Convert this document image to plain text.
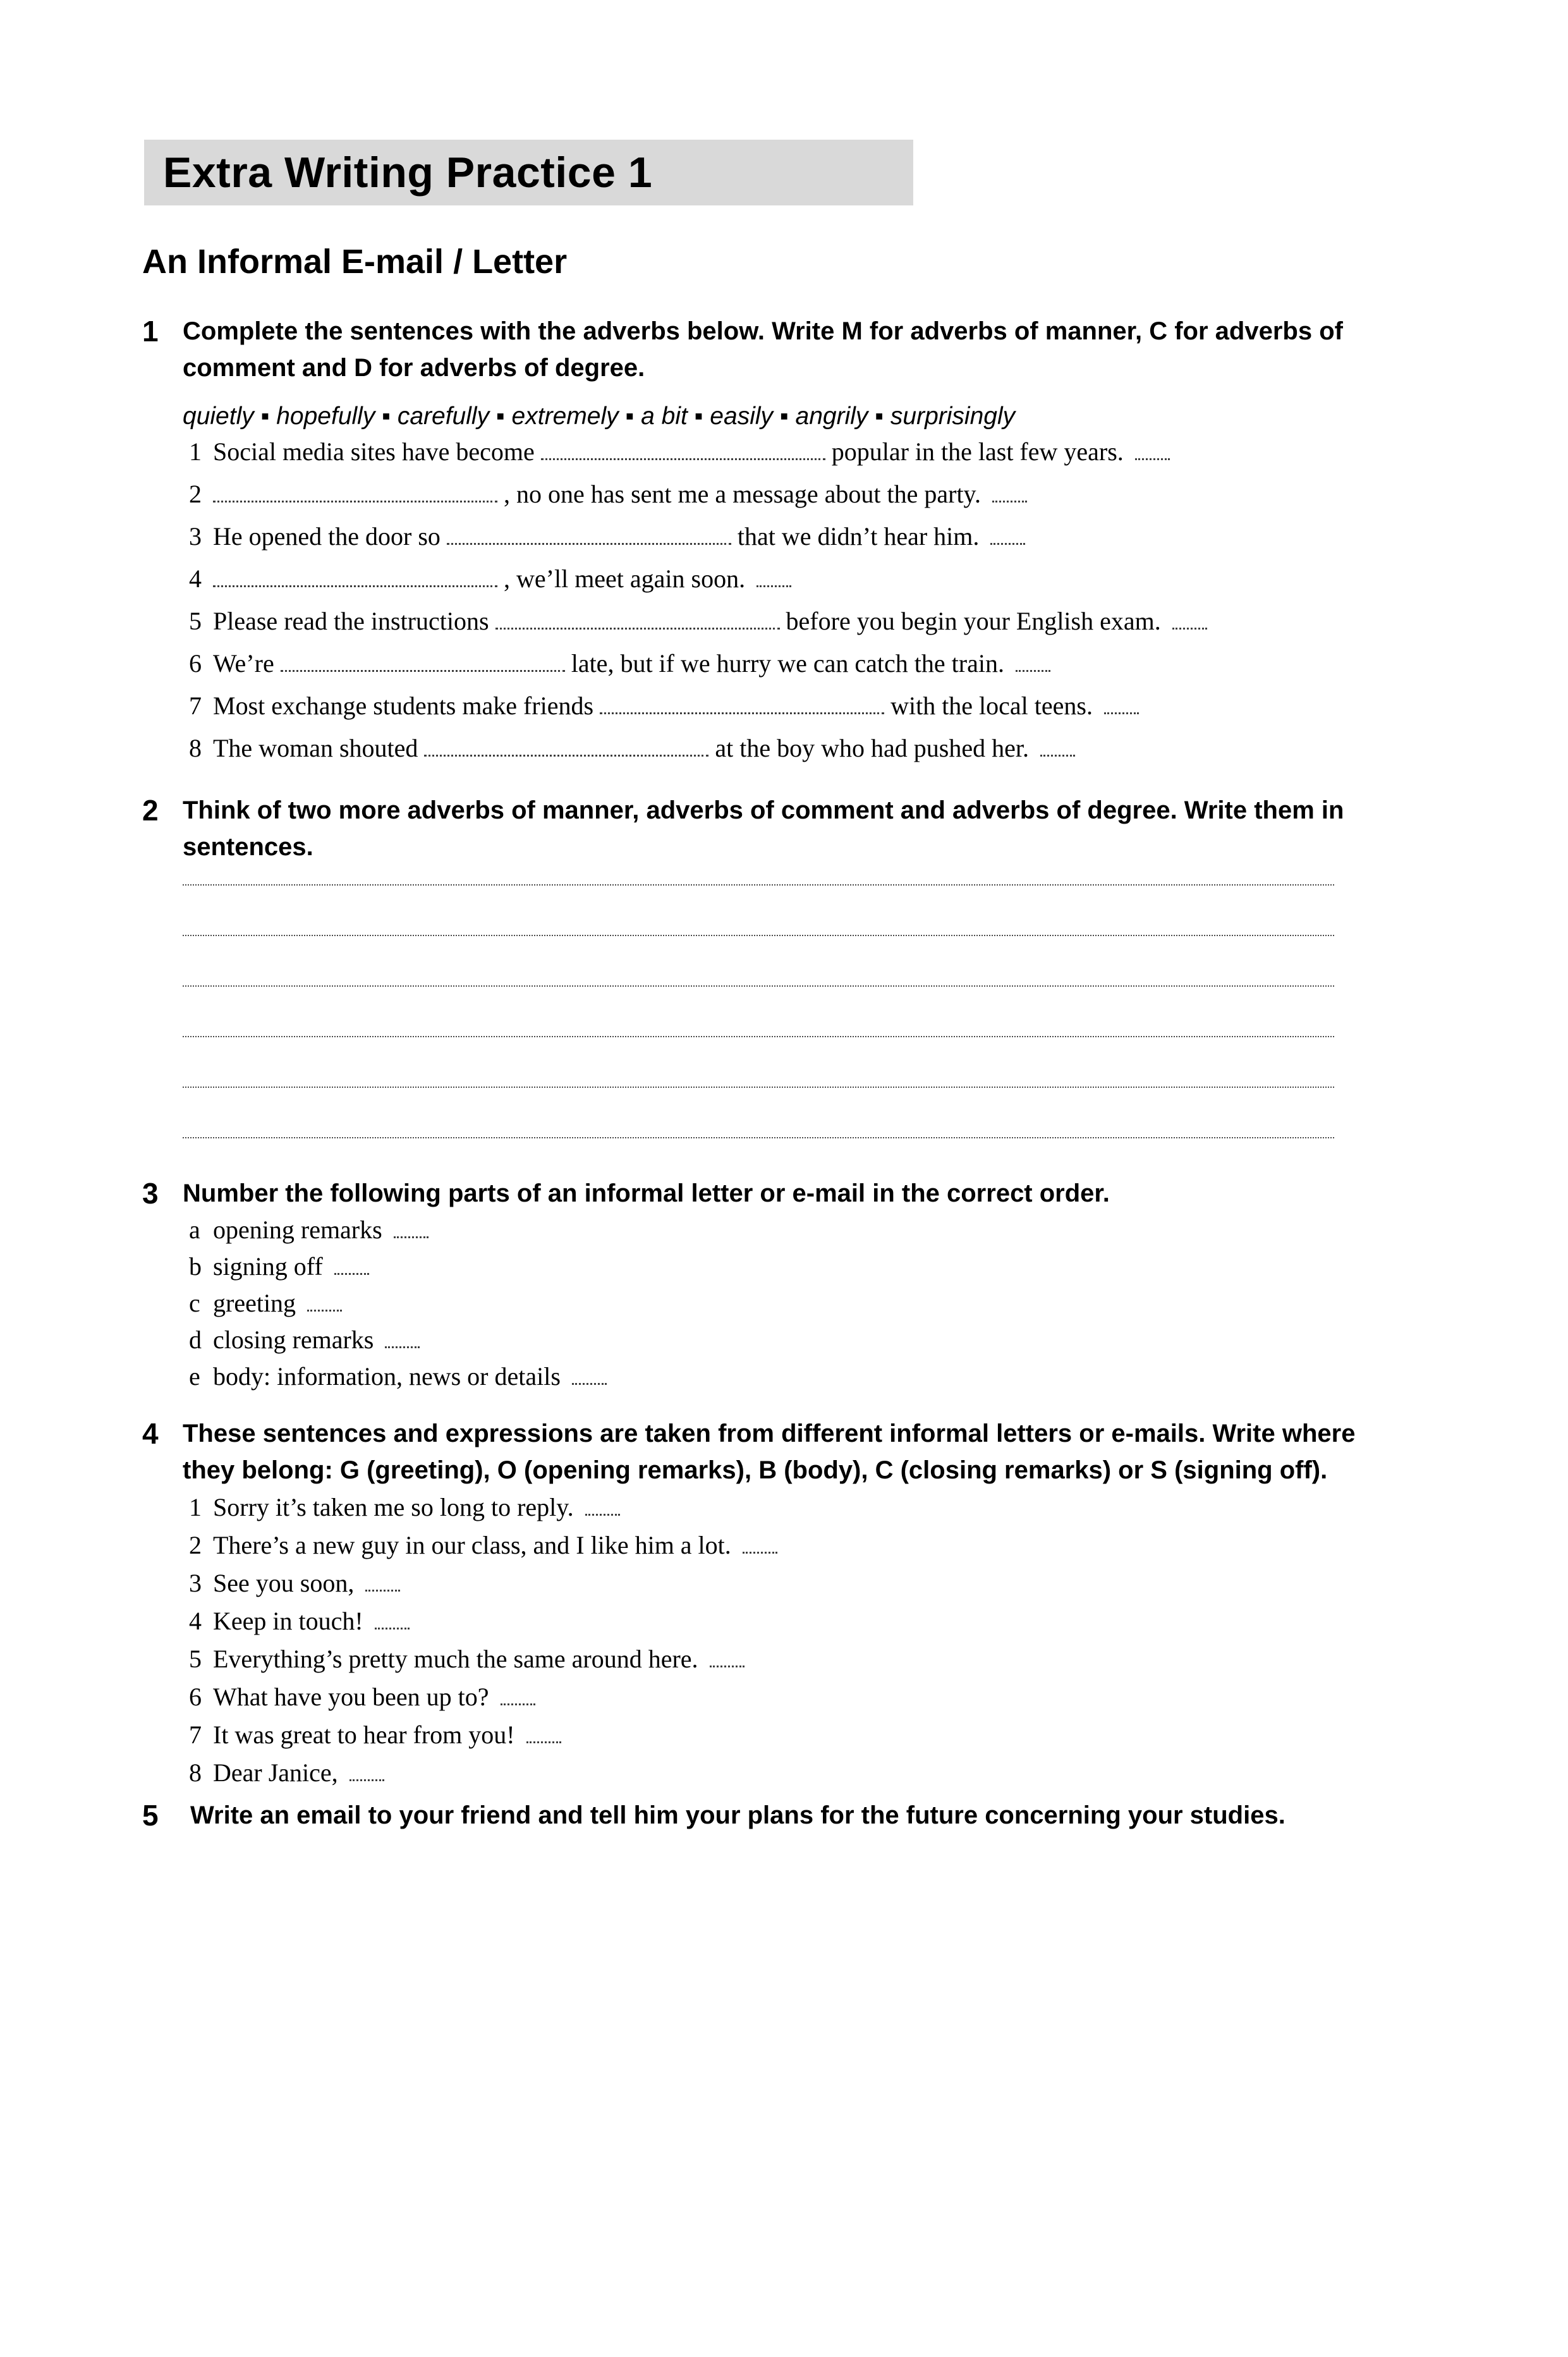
Extra Writing Practice 1
An Informal E-mail / Letter
1 Complete the sentences with the adverbs below. Write M for adverbs of manner, C for adverbs of comment and D for adverbs of degree.

quietly ▪ hopefully ▪ carefully ▪ extremely ▪ a bit ▪ easily ▪ angrily ▪ surprisingly

1 Social media sites have become	popular in the last few years.
2	, no one has sent me a message about the party.
3 He opened the door so	that we didn’t hear him.
4	, we’ll meet again soon.
5 Please read the instructions	before you begin your English exam.
6 We’re	late, but if we hurry we can catch the train.
7 Most exchange students make friends	with the local teens.
8 The woman shouted	at the boy who had pushed her.
2 Think of two more adverbs of manner, adverbs of comment and adverbs of degree. Write them in sentences.

3 Number the following parts of an informal letter or e-mail in the correct order.

a opening remarks
b signing off
c greeting
d closing remarks
e body: information, news or details
4 These sentences and expressions are taken from different informal letters or e-mails. Write where they belong: G (greeting), O (opening remarks), B (body), C (closing remarks) or S (signing off).

1 Sorry it’s taken me so long to reply.
2 There’s a new guy in our class, and I like him a lot.
3 See you soon,
4 Keep in touch!
5 Everything’s pretty much the same around here.
6 What have you been up to?
7 It was great to hear from you!
8 Dear Janice,
5	Write an email to your friend and tell him your plans for the future concerning your studies.
